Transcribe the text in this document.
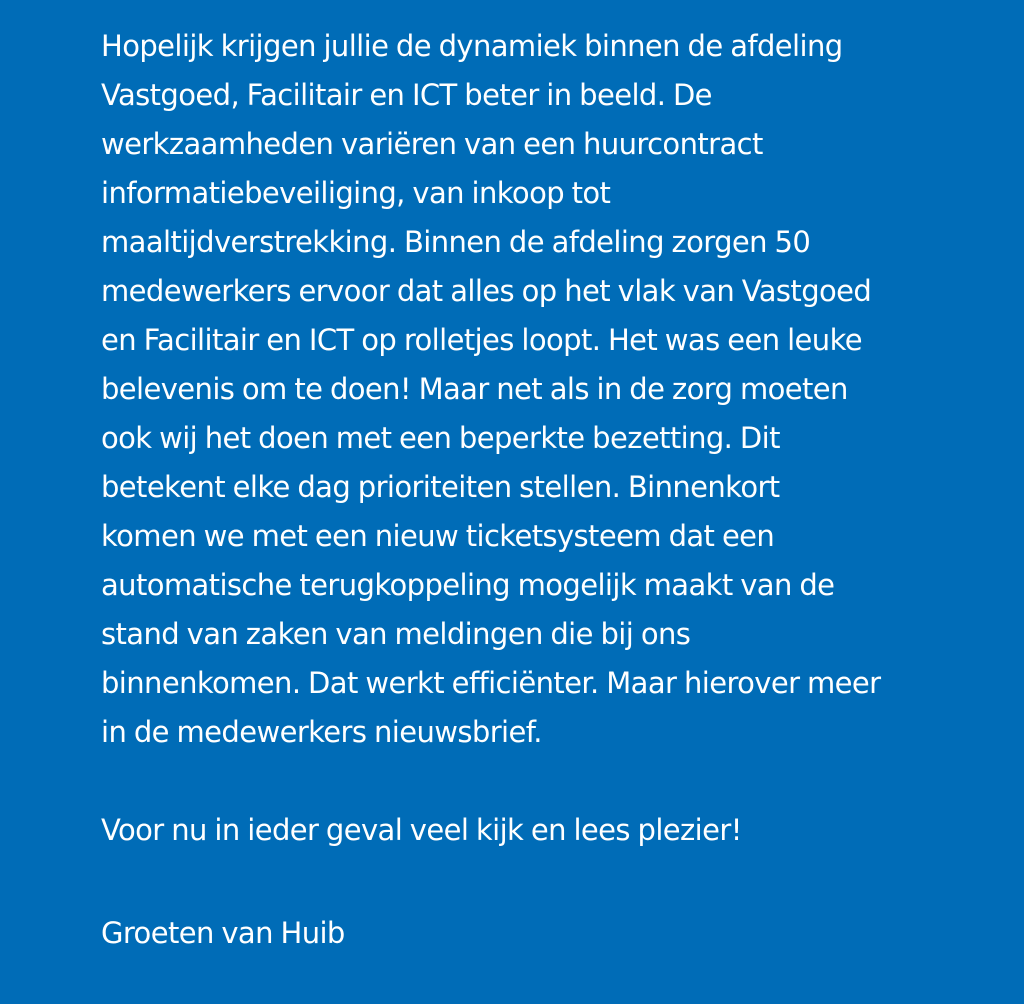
Hopelijk krijgen jullie de dynamiek binnen de afdeling
Vastgoed, Facilitair en ICT beter in beeld. De
werkzaamheden variëren van een huurcontract
informatiebeveiliging, van inkoop tot
maaltijdverstrekking. Binnen de afdeling zorgen 50
medewerkers ervoor dat alles op het vlak van Vastgoed
en Facilitair en ICT op rolletjes loopt. Het was een leuke
belevenis om te doen! Maar net als in de zorg moeten
ook wij het doen met een beperkte bezetting. Dit
betekent elke dag prioriteiten stellen. Binnenkort
komen we met een nieuw ticketsysteem dat een
automatische terugkoppeling mogelijk maakt van de
stand van zaken van meldingen die bij ons
binnenkomen. Dat werkt efficiënter. Maar hierover meer
in de medewerkers nieuwsbrief.

Voor nu in ieder geval veel kijk en lees plezier!

Groeten van Huib
